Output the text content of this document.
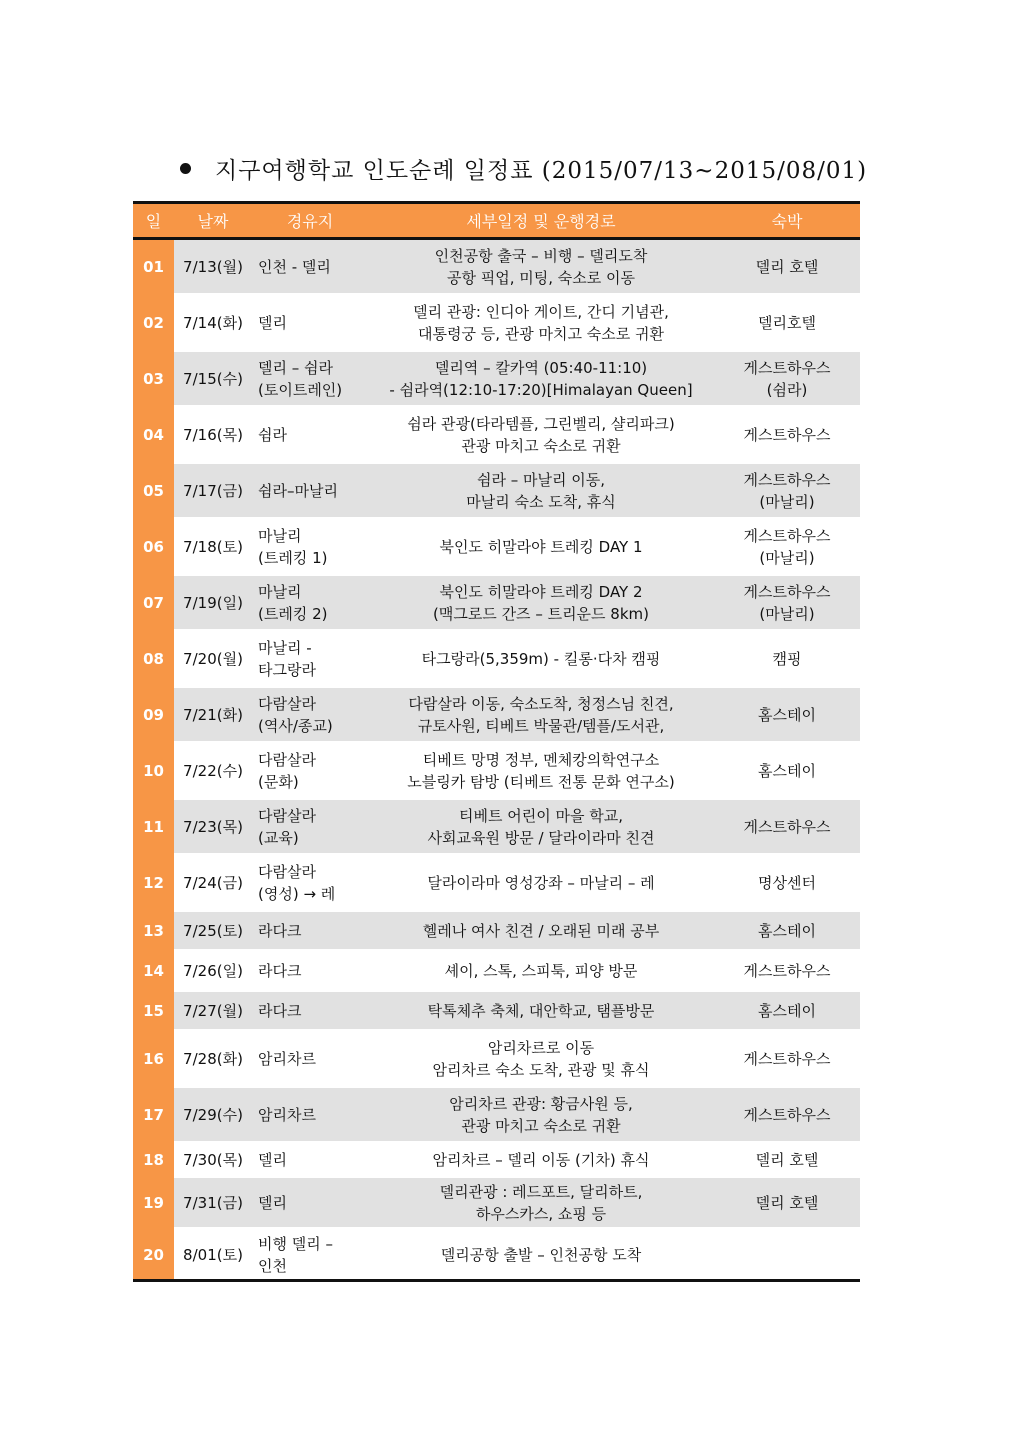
지구여행학교 인도순례 일정표 (2015/07/13~2015/08/01)
일	날짜	경유지	세부일정 및 운행경로	숙박
01	7/13(월)	인천 - 델리	인천공항 출국 – 비행 – 델리도착
공항 픽업, 미팅, 숙소로 이동	델리 호텔

02	7/14(화)	델리	델리 관광: 인디아 게이트, 간디 기념관,
대통령궁 등, 관광 마치고 숙소로 귀환	델리호텔

03	7/15(수)	델리 – 쉼라
(토이트레인)	델리역 – 칼카역 (05:40-11:10)
- 쉼라역(12:10-17:20)[Himalayan Queen]	게스트하우스
(쉼라)

04	7/16(목)	쉼라	쉼라 관광(타라템플, 그린벨리, 샬리파크)
관광 마치고 숙소로 귀환	게스트하우스

05	7/17(금)	쉼라–마날리	쉼라 – 마날리 이동,
마날리 숙소 도착, 휴식	게스트하우스
(마날리)

06	7/18(토)	마날리
(트레킹 1)	북인도 히말라야 트레킹 DAY 1	게스트하우스
(마날리)

07	7/19(일)	마날리
(트레킹 2)	북인도 히말라야 트레킹 DAY 2
(맥그로드 간즈 – 트리운드 8km)	게스트하우스
(마날리)

08	7/20(월)	마날리 -
타그랑라	타그랑라(5,359m) - 킬롱·다차 캠핑	캠핑

09	7/21(화)	다람살라
(역사/종교)	다람살라 이동, 숙소도착, 청정스님 친견,
규토사원, 티베트 박물관/템플/도서관,	홈스테이

10	7/22(수)	다람살라
(문화)	티베트 망명 정부, 멘체캉의학연구소
노블링카 탐방 (티베트 전통 문화 연구소)	홈스테이

11	7/23(목)	다람살라
(교육)	티베트 어린이 마을 학교,
사회교육원 방문 / 달라이라마 친견	게스트하우스

12	7/24(금)	다람살라
(영성) → 레	달라이라마 영성강좌 – 마날리 – 레	명상센터

13	7/25(토)	라다크	헬레나 여사 친견 / 오래된 미래 공부	홈스테이

14	7/26(일)	라다크	셰이, 스톡, 스피툭, 피양 방문	게스트하우스

15	7/27(월)	라다크	탁톡체추 축체, 대안학교, 탬플방문	홈스테이

16	7/28(화)	암리차르	암리차르로 이동
암리차르 숙소 도착, 관광 및 휴식	게스트하우스

17	7/29(수)	암리차르	암리차르 관광: 황금사원 등,
관광 마치고 숙소로 귀환	게스트하우스

18	7/30(목)	델리	암리차르 – 델리 이동 (기차) 휴식	델리 호텔

19	7/31(금)	델리	델리관광 : 레드포트, 달리하트,
하우스카스, 쇼핑 등	델리 호텔

20	8/01(토)	비행 델리 –
인천	델리공항 출발 – 인천공항 도착	
